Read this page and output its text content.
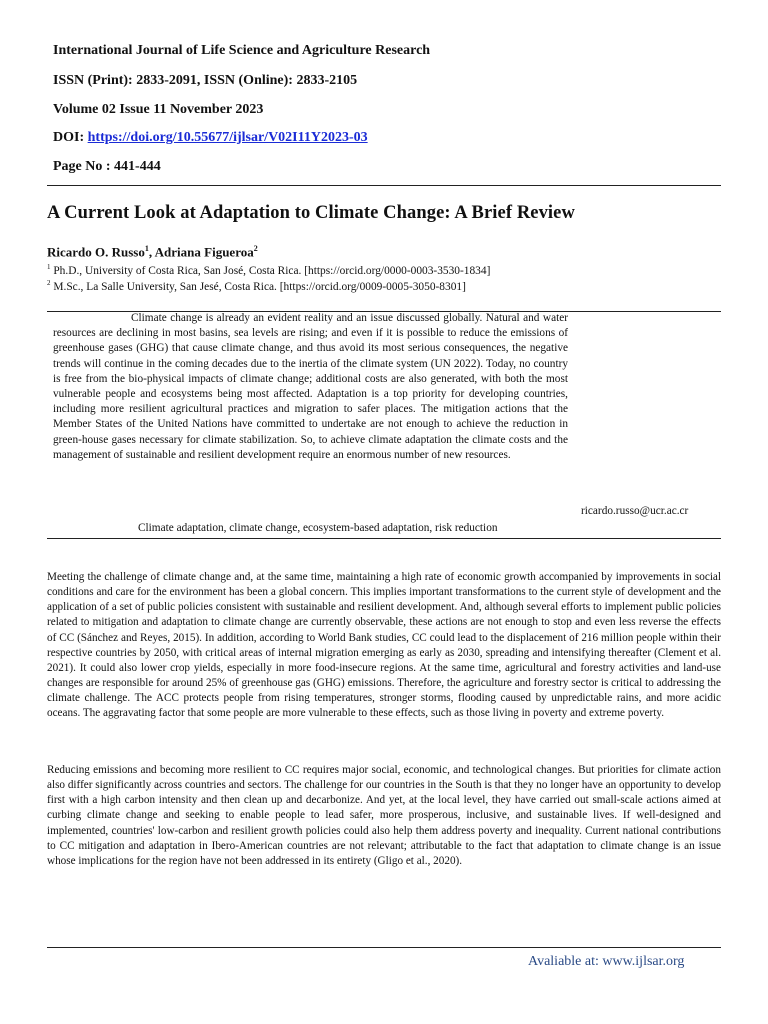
International Journal of Life Science and Agriculture Research
ISSN (Print): 2833-2091, ISSN (Online): 2833-2105
Volume 02 Issue 11 November 2023
DOI: https://doi.org/10.55677/ijlsar/V02I11Y2023-03
Page No : 441-444
A Current Look at Adaptation to Climate Change: A Brief Review
Ricardo O. Russo$^1$, Adriana Figueroa$^2$
$^1$ Ph.D., University of Costa Rica, San José, Costa Rica. [https://orcid.org/0000-0003-3530-1834]
$^2$ M.Sc., La Salle University, San Jesé, Costa Rica. [https://orcid.org/0009-0005-3050-8301]

Climate change is already an evident reality and an issue discussed globally. Natural and water resources are declining in most basins, sea levels are rising; and even if it is possible to reduce the emissions of greenhouse gases (GHG) that cause climate change, and thus avoid its most serious consequences, the negative trends will continue in the coming decades due to the inertia of the climate system (UN 2022). Today, no country is free from the bio-physical impacts of climate change; additional costs are also generated, with both the most vulnerable people and ecosystems being most affected. Adaptation is a top priority for developing countries, including more resilient agricultural practices and migration to safer places. The mitigation actions that the Member States of the United Nations have committed to undertake are not enough to achieve the reduction in green-house gases necessary for climate stabilization. So, to achieve climate adaptation the climate costs and the management of sustainable and resilient development require an enormous number of new resources.

ricardo.russo@ucr.ac.cr
Climate adaptation, climate change, ecosystem-based adaptation, risk reduction

Meeting the challenge of climate change and, at the same time, maintaining a high rate of economic growth accompanied by improvements in social conditions and care for the environment has been a global concern. This implies important transformations to the current style of development and the application of a set of public policies consistent with sustainable and resilient development. And, although several efforts to implement public policies related to mitigation and adaptation to climate change are currently observable, these actions are not enough to stop and even less reverse the effects of CC (Sánchez and Reyes, 2015). In addition, according to World Bank studies, CC could lead to the displacement of 216 million people within their respective countries by 2050, with critical areas of internal migration emerging as early as 2030, spreading and intensifying thereafter (Clement et al. 2021). It could also lower crop yields, especially in more food-insecure regions. At the same time, agricultural and forestry activities and land-use changes are responsible for around 25% of greenhouse gas (GHG) emissions. Therefore, the agriculture and forestry sector is critical to addressing the climate challenge. The ACC protects people from rising temperatures, stronger storms, flooding caused by unpredictable rains, and more acidic oceans. The aggravating factor that some people are more vulnerable to these effects, such as those living in poverty and extreme poverty.

Reducing emissions and becoming more resilient to CC requires major social, economic, and technological changes. But priorities for climate action also differ significantly across countries and sectors. The challenge for our countries in the South is that they no longer have an opportunity to develop first with a high carbon intensity and then clean up and decarbonize. And yet, at the local level, they have carried out small-scale actions aimed at curbing climate change and seeking to enable people to lead safer, more prosperous, inclusive, and sustainable lives. If well-designed and implemented, countries' low-carbon and resilient growth policies could also help them address poverty and inequality. Current national contributions to CC mitigation and adaptation in Ibero-American countries are not relevant; attributable to the fact that adaptation to climate change is an issue whose implications for the region have not been addressed in its entirety (Gligo et al., 2020).

Avaliable at: www.ijlsar.org
